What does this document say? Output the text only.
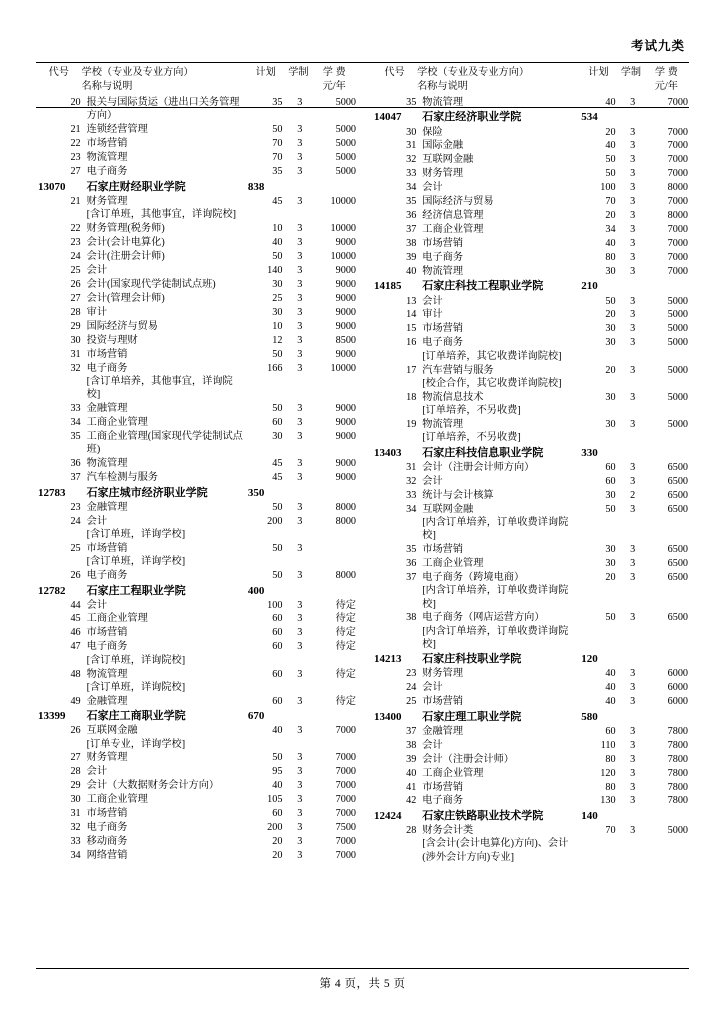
考试九类
代号	学校（专业及专业方向）
名称与说明
	计划	学制	学 费
元/年
20	报关与国际货运（进出口关务管理方向）	35	3	5000
21	连锁经营管理	50	3	5000
22	市场营销	70	3	5000
23	物流管理	70	3	5000
27	电子商务	35	3	5000
13070	石家庄财经职业学院	838		
21	财务管理
[含订单班，其他事宜，详询院校]	45	3	10000
22	财务管理(税务师)	10	3	10000
23	会计(会计电算化)	40	3	9000
24	会计(注册会计师)	50	3	10000
25	会计	140	3	9000
26	会计(国家现代学徒制试点班)	30	3	9000
27	会计(管理会计师)	25	3	9000
28	审计	30	3	9000
29	国际经济与贸易	10	3	9000
30	投资与理财	12	3	8500
31	市场营销	50	3	9000
32	电子商务
[含订单培养，其他事宜，详询院校]	166	3	10000
33	金融管理	50	3	9000
34	工商企业管理	60	3	9000
35	工商企业管理(国家现代学徒制试点班)	30	3	9000
36	物流管理	45	3	9000
37	汽车检测与服务	45	3	9000
12783	石家庄城市经济职业学院	350		
23	金融管理	50	3	8000
24	会计
[含订单班，详询学校]	200	3	8000
25	市场营销
[含订单班，详询学校]	50	3	
26	电子商务	50	3	8000
12782	石家庄工程职业学院	400		
44	会计	100	3	待定
45	工商企业管理	60	3	待定
46	市场营销	60	3	待定
47	电子商务
[含订单班，详询院校]	60	3	待定
48	物流管理
[含订单班，详询院校]	60	3	待定
49	金融管理	60	3	待定
13399	石家庄工商职业学院	670		
26	互联网金融
[订单专业，详询学校]	40	3	7000
27	财务管理	50	3	7000
28	会计	95	3	7000
29	会计（大数据财务会计方向）	40	3	7000
30	工商企业管理	105	3	7000
31	市场营销	60	3	7000
32	电子商务	200	3	7500
33	移动商务	20	3	7000
34	网络营销	20	3	7000
代号	学校（专业及专业方向）
名称与说明
	计划	学制	学 费
元/年
35	物流管理	40	3	7000
14047	石家庄经济职业学院	534		
30	保险	20	3	7000
31	国际金融	40	3	7000
32	互联网金融	50	3	7000
33	财务管理	50	3	7000
34	会计	100	3	8000
35	国际经济与贸易	70	3	7000
36	经济信息管理	20	3	8000
37	工商企业管理	34	3	7000
38	市场营销	40	3	7000
39	电子商务	80	3	7000
40	物流管理	30	3	7000
14185	石家庄科技工程职业学院	210		
13	会计	50	3	5000
14	审计	20	3	5000
15	市场营销	30	3	5000
16	电子商务
[订单培养，其它收费详询院校]	30	3	5000
17	汽车营销与服务
[校企合作，其它收费详询院校]	20	3	5000
18	物流信息技术
[订单培养，不另收费]	30	3	5000
19	物流管理
[订单培养，不另收费]	30	3	5000
13403	石家庄科技信息职业学院	330		
31	会计（注册会计师方向）	60	3	6500
32	会计	60	3	6500
33	统计与会计核算	30	2	6500
34	互联网金融
[内含订单培养，订单收费详询院校]	50	3	6500
35	市场营销	30	3	6500
36	工商企业管理	30	3	6500
37	电子商务（跨境电商）
[内含订单培养，订单收费详询院校]	20	3	6500
38	电子商务（网店运营方向）
[内含订单培养，订单收费详询院校]	50	3	6500
14213	石家庄科技职业学院	120		
23	财务管理	40	3	6000
24	会计	40	3	6000
25	市场营销	40	3	6000
13400	石家庄理工职业学院	580		
37	金融管理	60	3	7800
38	会计	110	3	7800
39	会计（注册会计师）	80	3	7800
40	工商企业管理	120	3	7800
41	市场营销	80	3	7800
42	电子商务	130	3	7800
12424	石家庄铁路职业技术学院	140		
28	财务会计类
[含会计(会计电算化)方向)、会计(涉外会计方向)专业]	70	3	5000
第 4 页，共 5 页
